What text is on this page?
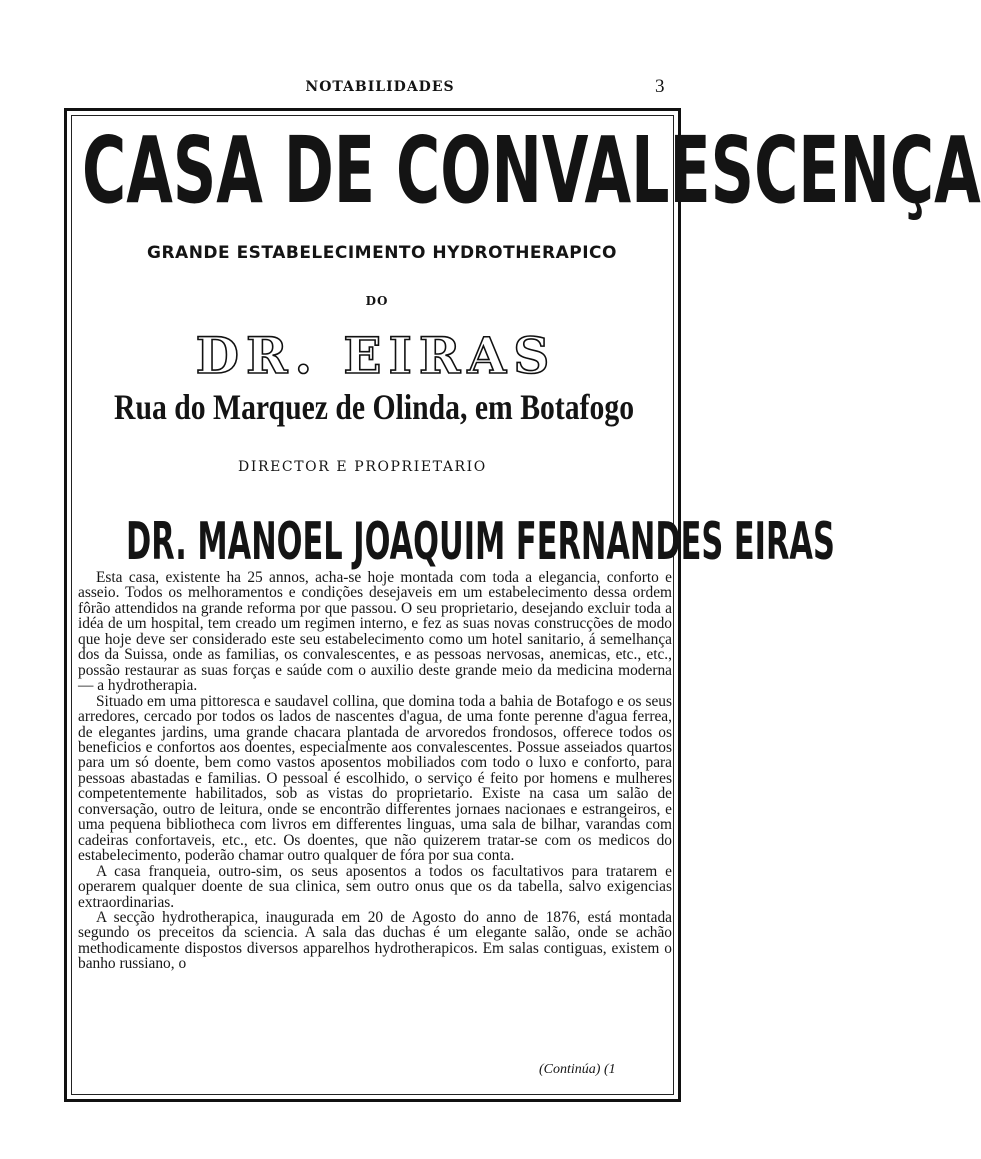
NOTABILIDADES	3
CASA DE CONVALESCENÇA
GRANDE ESTABELECIMENTO HYDROTHERAPICO
DO
DR. EIRAS
Rua do Marquez de Olinda, em Botafogo
DIRECTOR E PROPRIETARIO
DR. MANOEL JOAQUIM FERNANDES EIRAS

Esta casa, existente ha 25 annos, acha-se hoje montada com toda a elegancia, conforto e asseio. Todos os melhoramentos e condições desejaveis em um estabelecimento dessa ordem fôrão attendidos na grande reforma por que passou. O seu proprietario, desejando excluir toda a idéa de um hospital, tem creado um regimen interno, e fez as suas novas construcções de modo que hoje deve ser considerado este seu estabelecimento como um hotel sanitario, á semelhança dos da Suissa, onde as familias, os convalescentes, e as pessoas nervosas, anemicas, etc., etc., possão restaurar as suas forças e saúde com o auxilio deste grande meio da medicina moderna — a hydrotherapia.

Situado em uma pittoresca e saudavel collina, que domina toda a bahia de Botafogo e os seus arredores, cercado por todos os lados de nascentes d'agua, de uma fonte perenne d'agua ferrea, de elegantes jardins, uma grande chacara plantada de arvoredos frondosos, offerece todos os beneficios e confortos aos doentes, especialmente aos convalescentes. Possue asseiados quartos para um só doente, bem como vastos aposentos mobiliados com todo o luxo e conforto, para pessoas abastadas e familias. O pessoal é escolhido, o serviço é feito por homens e mulheres competentemente habilitados, sob as vistas do proprietario. Existe na casa um salão de conversação, outro de leitura, onde se encontrão differentes jornaes nacionaes e estrangeiros, e uma pequena bibliotheca com livros em differentes linguas, uma sala de bilhar, varandas com cadeiras confortaveis, etc., etc. Os doentes, que não quizerem tratar-se com os medicos do estabelecimento, poderão chamar outro qualquer de fóra por sua conta.

A casa franqueia, outro-sim, os seus aposentos a todos os facultativos para tratarem e operarem qualquer doente de sua clinica, sem outro onus que os da tabella, salvo exigencias extraordinarias.

A secção hydrotherapica, inaugurada em 20 de Agosto do anno de 1876, está montada segundo os preceitos da sciencia. A sala das duchas é um elegante salão, onde se achão methodicamente dispostos diversos apparelhos hydrotherapicos. Em salas contiguas, existem o banho russiano, o

(Continúa) (1
